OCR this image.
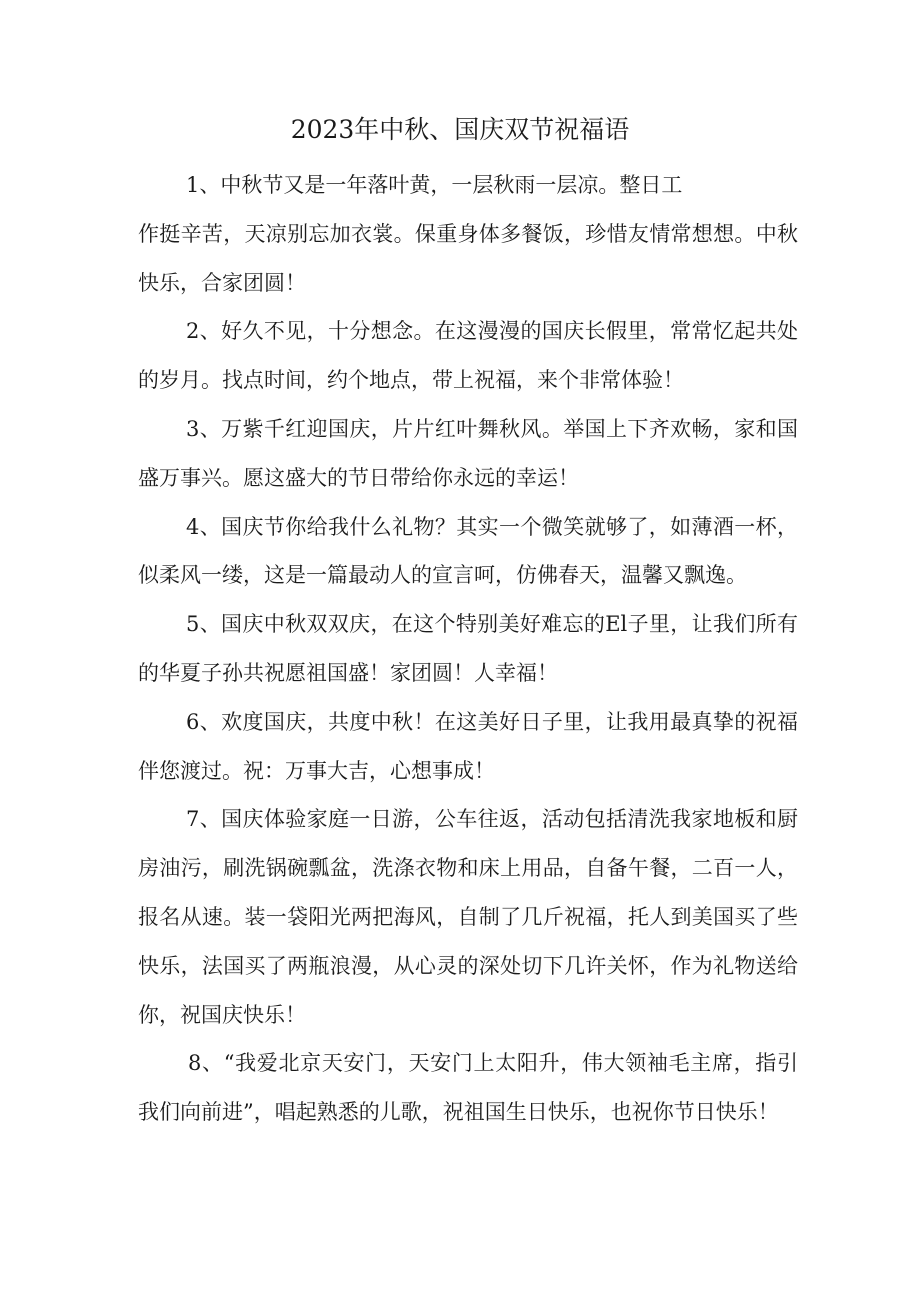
2023年中秋、国庆双节祝福语

1、中秋节又是一年落叶黄，一层秋雨一层凉。整日工

作挺辛苦，天凉别忘加衣裳。保重身体多餐饭，珍惜友情常想想。中秋快乐，合家团圆！

2、好久不见，十分想念。在这漫漫的国庆长假里，常常忆起共处的岁月。找点时间，约个地点，带上祝福，来个非常体验！

3、万紫千红迎国庆，片片红叶舞秋风。举国上下齐欢畅，家和国盛万事兴。愿这盛大的节日带给你永远的幸运！

4、国庆节你给我什么礼物？其实一个微笑就够了，如薄酒一杯，似柔风一缕，这是一篇最动人的宣言呵，仿佛春天，温馨又飘逸。

5、国庆中秋双双庆，在这个特别美好难忘的El子里，让我们所有的华夏子孙共祝愿祖国盛！家团圆！人幸福！

6、欢度国庆，共度中秋！在这美好日子里，让我用最真挚的祝福伴您渡过。祝：万事大吉，心想事成！

7、国庆体验家庭一日游，公车往返，活动包括清洗我家地板和厨房油污，刷洗锅碗瓢盆，洗涤衣物和床上用品，自备午餐，二百一人，报名从速。装一袋阳光两把海风，自制了几斤祝福，托人到美国买了些快乐，法国买了两瓶浪漫，从心灵的深处切下几许关怀，作为礼物送给你，祝国庆快乐！

8、“我爱北京天安门，天安门上太阳升，伟大领袖毛主席，指引我们向前进”，唱起熟悉的儿歌，祝祖国生日快乐，也祝你节日快乐！
